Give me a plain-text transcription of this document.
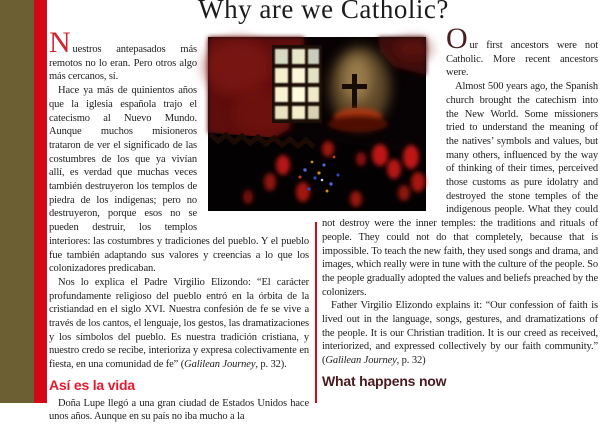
Why are we Catholic?

Nuestros antepasados más remotos no lo eran. Pero otros algo más cercanos, sí.

Hace ya más de quinientos años que la iglesia española trajo el catecismo al Nuevo Mundo. Aunque muchos misioneros trataron de ver el significado de las costumbres de los que ya vivían allí, es verdad que muchas veces también destruyeron los templos de piedra de los indígenas; pero no destruyeron, porque esos no se pueden destruir, los templos interiores: las costumbres y tradiciones del pueblo. Y el pueblo fue también adaptando sus valores y creencias a lo que los colonizadores predicaban.

Nos lo explica el Padre Virgilio Elizondo: “El carácter profundamente religioso del pueblo entró en la órbita de la cristiandad en el siglo XVI. Nuestra confesión de fe se vive a través de los cantos, el lenguaje, los gestos, las dramatizaciones y los símbolos del pueblo. Es nuestra tradición cristiana, y nuestro credo se recibe, interioriza y expresa colectivamente en fiesta, en una comunidad de fe” (Galilean Journey, p. 32).

Así es la vida

Doña Lupe llegó a una gran ciudad de Estados Unidos hace unos años. Aunque en su país no iba mucho a la

Our first ancestors were not Catholic. More recent ancestors were.

Almost 500 years ago, the Spanish church brought the catechism into the New World. Some missioners tried to understand the meaning of the natives’ symbols and values, but many others, influenced by the way of thinking of their times, perceived those customs as pure idolatry and destroyed the stone temples of the indigenous people. What they could not destroy were the inner temples: the traditions and rituals of people. They could not do that completely, because that is impossible. To teach the new faith, they used songs and drama, and images, which really were in tune with the culture of the people. So the people gradually adopted the values and beliefs preached by the colonizers.

Father Virgilio Elizondo explains it: “Our confession of faith is lived out in the language, songs, gestures, and dramatizations of the people. It is our Christian tradition. It is our creed as received, interiorized, and expressed collectively by our faith community.” (Galilean Journey, p. 32)

What happens now
